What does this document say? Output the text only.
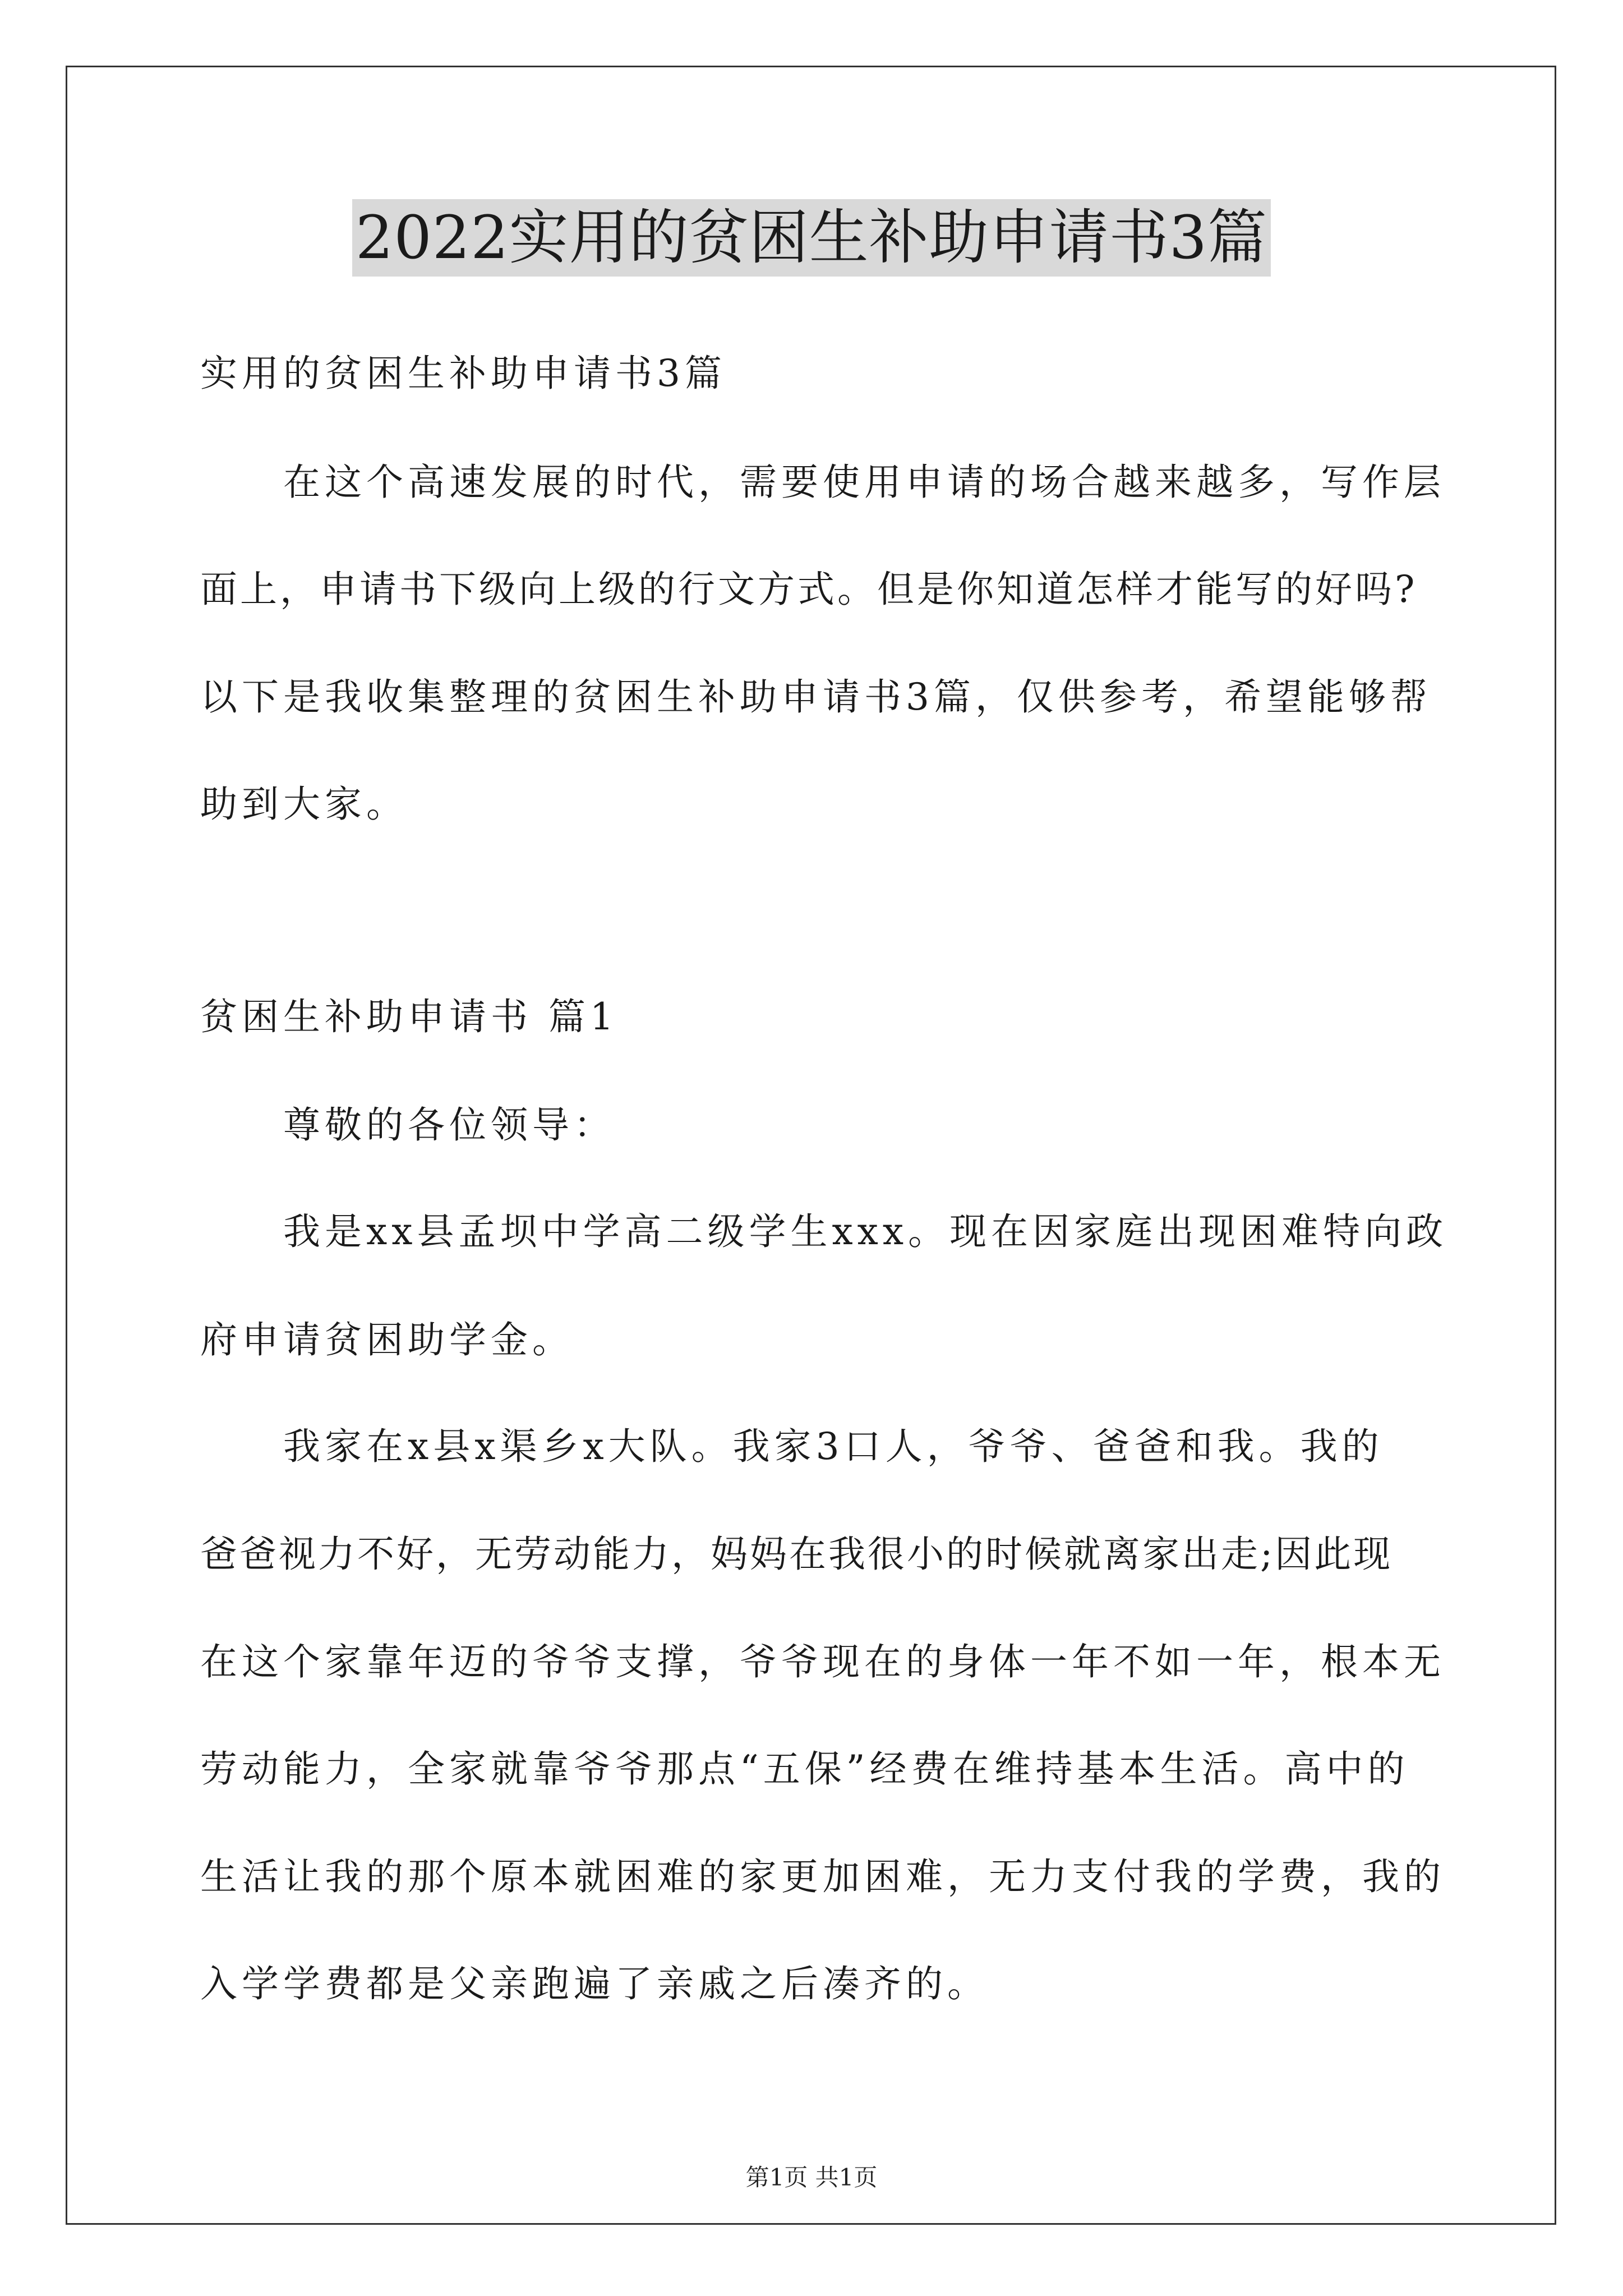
2022实用的贫困生补助申请书3篇
实用的贫困生补助申请书3篇
在这个高速发展的时代，需要使用申请的场合越来越多，写作层
面上，申请书下级向上级的行文方式。但是你知道怎样才能写的好吗?
以下是我收集整理的贫困生补助申请书3篇，仅供参考，希望能够帮
助到大家。
贫困生补助申请书 篇1
尊敬的各位领导：
我是xx县孟坝中学高二级学生xxx。现在因家庭出现困难特向政
府申请贫困助学金。
我家在x县x渠乡x大队。我家3口人，爷爷、爸爸和我。我的
爸爸视力不好，无劳动能力，妈妈在我很小的时候就离家出走;因此现
在这个家靠年迈的爷爷支撑，爷爷现在的身体一年不如一年，根本无
劳动能力，全家就靠爷爷那点“五保”经费在维持基本生活。高中的
生活让我的那个原本就困难的家更加困难，无力支付我的学费，我的
入学学费都是父亲跑遍了亲戚之后凑齐的。
第1页 共1页
